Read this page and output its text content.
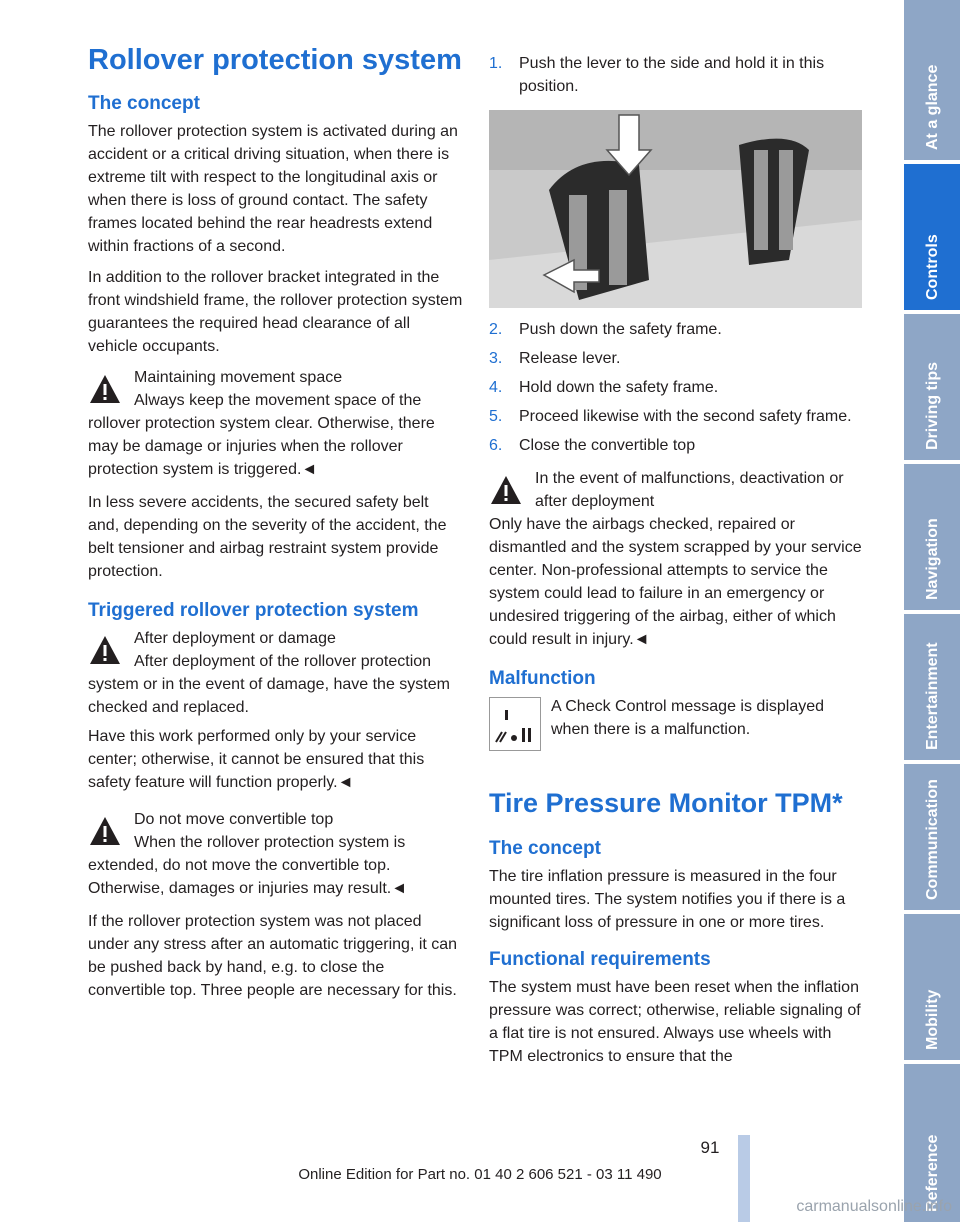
Rollover protection system
The concept

The rollover protection system is activated during an accident or a critical driving situation, when there is extreme tilt with respect to the longitudinal axis or when there is loss of ground contact. The safety frames located behind the rear headrests extend within fractions of a second.

In addition to the rollover bracket integrated in the front windshield frame, the rollover protection system guarantees the required head clearance of all vehicle occupants.

Maintaining movement space
Always keep the movement space of the rollover protection system clear. Otherwise, there may be damage or injuries when the rollover protection system is triggered.◄

In less severe accidents, the secured safety belt and, depending on the severity of the accident, the belt tensioner and airbag restraint system provide protection.

Triggered rollover protection system
After deployment or damage
After deployment of the rollover protection system or in the event of damage, have the system checked and replaced.

Have this work performed only by your service center; otherwise, it cannot be ensured that this safety feature will function properly.◄

Do not move convertible top
When the rollover protection system is extended, do not move the convertible top. Otherwise, damages or injuries may result.◄

If the rollover protection system was not placed under any stress after an automatic triggering, it can be pushed back by hand, e.g. to close the convertible top. Three people are necessary for this.

1. Push the lever to the side and hold it in this position.
2. Push down the safety frame.
3. Release lever.
4. Hold down the safety frame.
5. Proceed likewise with the second safety frame.
6. Close the convertible top
In the event of malfunctions, deactivation or after deployment

Only have the airbags checked, repaired or dismantled and the system scrapped by your service center. Non-professional attempts to service the system could lead to failure in an emergency or undesired triggering of the airbag, either of which could result in injury.◄

Malfunction

A Check Control message is displayed when there is a malfunction.

Tire Pressure Monitor TPM*
The concept

The tire inflation pressure is measured in the four mounted tires. The system notifies you if there is a significant loss of pressure in one or more tires.

Functional requirements

The system must have been reset when the inflation pressure was correct; otherwise, reliable signaling of a flat tire is not ensured. Always use wheels with TPM electronics to ensure that the

At a glance
Controls
Driving tips
Navigation
Entertainment
Communication
Mobility
Reference
91
Online Edition for Part no. 01 40 2 606 521 - 03 11 490
carmanualsonline.info
